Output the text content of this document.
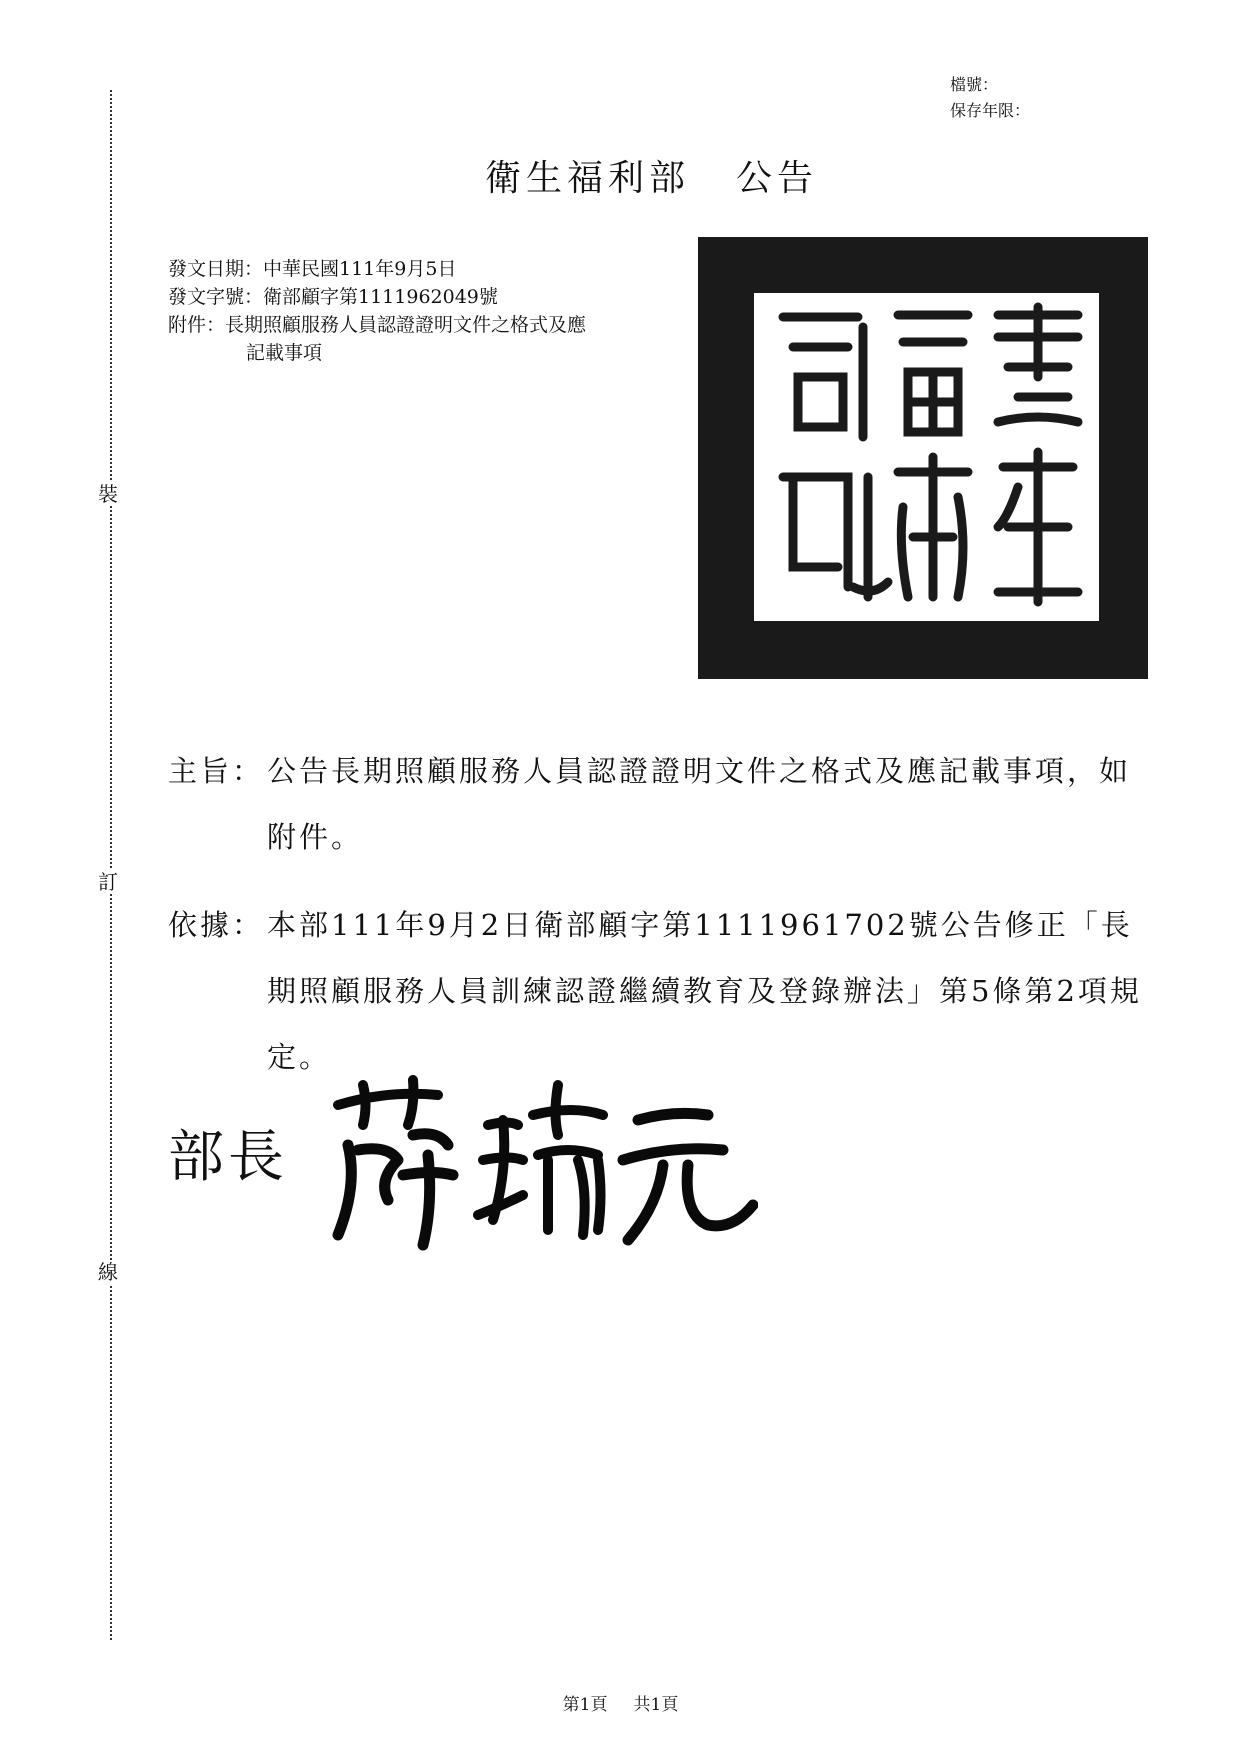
裝
訂
線
檔號：
保存年限：
衛生福利部 公告
發文日期：中華民國111年9月5日
發文字號：衛部顧字第1111962049號
附件：長期照顧服務人員認證證明文件之格式及應
記載事項
主旨： 公告長期照顧服務人員認證證明文件之格式及應記載事項，如附件。
依據： 本部111年9月2日衛部顧字第1111961702號公告修正「長期照顧服務人員訓練認證繼續教育及登錄辦法」第5條第2項規定。
部長
第1頁 共1頁
